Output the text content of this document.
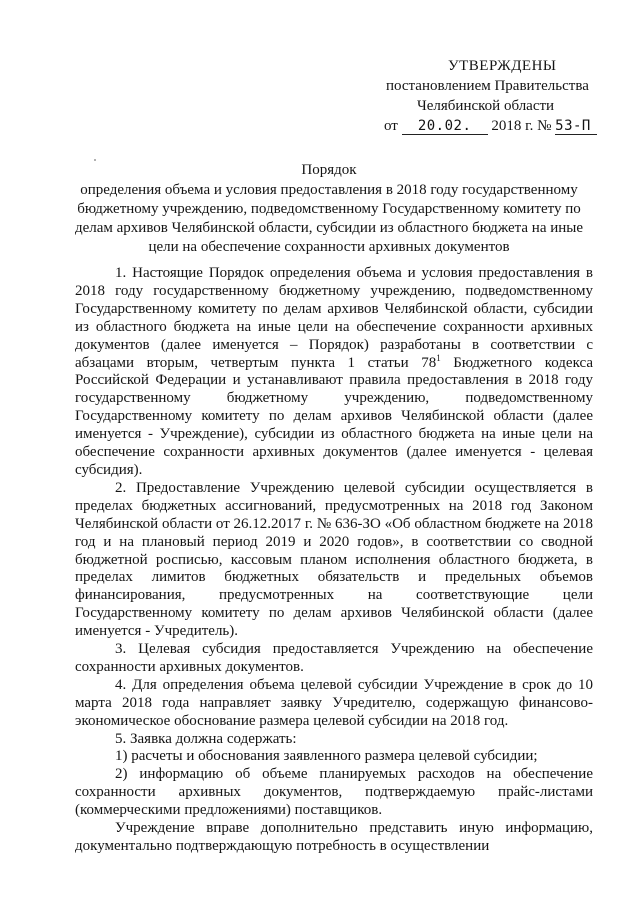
УТВЕРЖДЕНЫ
постановлением Правительства
Челябинской области
от 20.02. 2018 г. № 53-П
Порядок
определения объема и условия предоставления в 2018 году государственному
бюджетному учреждению, подведомственному Государственному комитету по
делам архивов Челябинской области, субсидии из областного бюджета на иные
цели на обеспечение сохранности архивных документов

1. Настоящие Порядок определения объема и условия предоставления в 2018 году государственному бюджетному учреждению, подведомственному Государственному комитету по делам архивов Челябинской области, субсидии из областного бюджета на иные цели на обеспечение сохранности архивных документов (далее именуется – Порядок) разработаны в соответствии с абзацами вторым, четвертым пункта 1 статьи $78^1$ Бюджетного кодекса Российской Федерации и устанавливают правила предоставления в 2018 году государственному бюджетному учреждению, подведомственному Государственному комитету по делам архивов Челябинской области (далее именуется - Учреждение), субсидии из областного бюджета на иные цели на обеспечение сохранности архивных документов (далее именуется - целевая субсидия).

2. Предоставление Учреждению целевой субсидии осуществляется в пределах бюджетных ассигнований, предусмотренных на 2018 год Законом Челябинской области от 26.12.2017 г. № 636-ЗО «Об областном бюджете на 2018 год и на плановый период 2019 и 2020 годов», в соответствии со сводной бюджетной росписью, кассовым планом исполнения областного бюджета, в пределах лимитов бюджетных обязательств и предельных объемов финансирования, предусмотренных на соответствующие цели Государственному комитету по делам архивов Челябинской области (далее именуется - Учредитель).

3. Целевая субсидия предоставляется Учреждению на обеспечение сохранности архивных документов.

4. Для определения объема целевой субсидии Учреждение в срок до 10 марта 2018 года направляет заявку Учредителю, содержащую финансово-экономическое обоснование размера целевой субсидии на 2018 год.

5. Заявка должна содержать:

1) расчеты и обоснования заявленного размера целевой субсидии;

2) информацию об объеме планируемых расходов на обеспечение сохранности архивных документов, подтверждаемую прайс-листами (коммерческими предложениями) поставщиков.

Учреждение вправе дополнительно представить иную информацию, документально подтверждающую потребность в осуществлении
